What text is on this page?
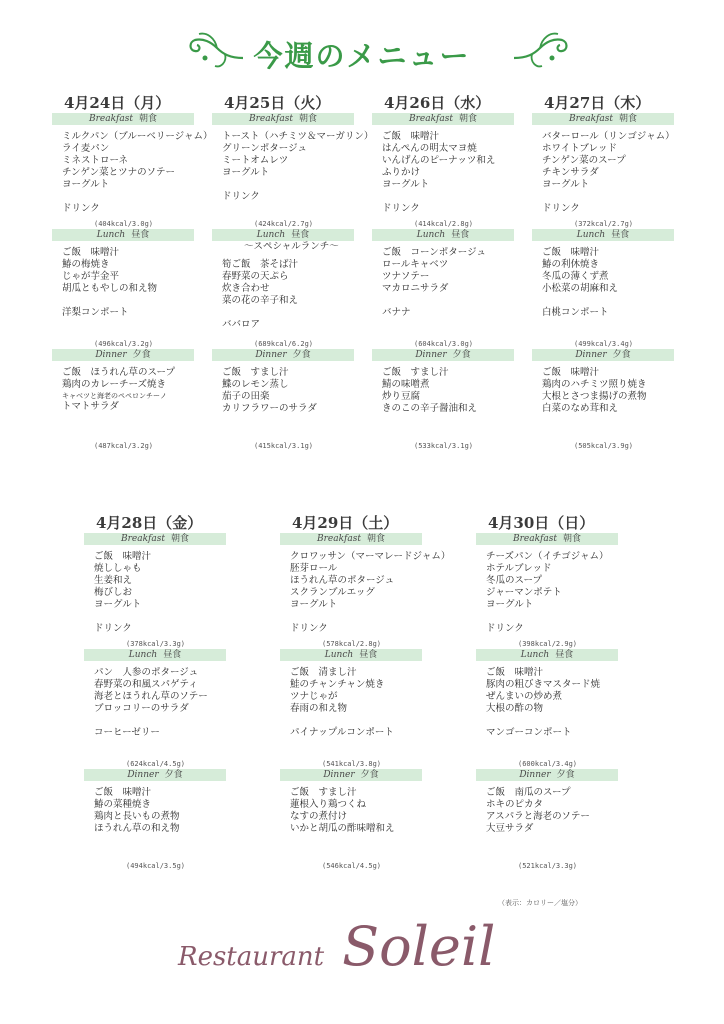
今週のメニュー
4月24日（月）
Breakfast 朝食
ミルクパン（ブルーベリージャム）
ライ麦パン
ミネストローネ
チンゲン菜とツナのソテー
ヨーグルト
ドリンク
(404kcal/3.0g)
Lunch 昼食
ご飯　味噌汁
鰆の梅焼き
じゃが芋金平
胡瓜ともやしの和え物
洋梨コンポート
(496kcal/3.2g)
Dinner 夕食
ご飯　ほうれん草のスープ
鶏肉のカレーチーズ焼き
キャベツと海老のペペロンチーノ
トマトサラダ
(487kcal/3.2g)
4月25日（火）
Breakfast 朝食
トースト（ハチミツ＆マーガリン）
グリーンポタージュ
ミートオムレツ
ヨーグルト
ドリンク
(424kcal/2.7g)
Lunch 昼食
～スペシャルランチ～
筍ご飯　茶そば汁
春野菜の天ぷら
炊き合わせ
菜の花の辛子和え
ババロア
(689kcal/6.2g)
Dinner 夕食
ご飯　すまし汁
鰈のレモン蒸し
茄子の田楽
カリフラワーのサラダ
(415kcal/3.1g)
4月26日（水）
Breakfast 朝食
ご飯　味噌汁
はんぺんの明太マヨ焼
いんげんのピーナッツ和え
ふりかけ
ヨーグルト
ドリンク
(414kcal/2.8g)
Lunch 昼食
ご飯　コーンポタージュ
ロールキャベツ
ツナソテー
マカロニサラダ
バナナ
(604kcal/3.0g)
Dinner 夕食
ご飯　すまし汁
鯖の味噌煮
炒り豆腐
きのこの辛子醤油和え
(533kcal/3.1g)
4月27日（木）
Breakfast 朝食
バターロール（リンゴジャム）
ホワイトブレッド
チンゲン菜のスープ
チキンサラダ
ヨーグルト
ドリンク
(372kcal/2.7g)
Lunch 昼食
ご飯　味噌汁
鰆の利休焼き
冬瓜の薄くず煮
小松菜の胡麻和え
白桃コンポート
(499kcal/3.4g)
Dinner 夕食
ご飯　味噌汁
鶏肉のハチミツ照り焼き
大根とさつま揚げの煮物
白菜のなめ茸和え
(505kcal/3.9g)
4月28日（金）
Breakfast 朝食
ご飯　味噌汁
焼ししゃも
生姜和え
梅びしお
ヨーグルト
ドリンク
(378kcal/3.3g)
Lunch 昼食
パン　人参のポタージュ
春野菜の和風スパゲティ
海老とほうれん草のソテー
ブロッコリーのサラダ
コーヒーゼリー
(624kcal/4.5g)
Dinner 夕食
ご飯　味噌汁
鰆の菜種焼き
鶏肉と長いもの煮物
ほうれん草の和え物
(494kcal/3.5g)
4月29日（土）
Breakfast 朝食
クロワッサン（マーマレードジャム）
胚芽ロール
ほうれん草のポタージュ
スクランブルエッグ
ヨーグルト
ドリンク
(578kcal/2.8g)
Lunch 昼食
ご飯　清まし汁
鮭のチャンチャン焼き
ツナじゃが
春雨の和え物
パイナップルコンポート
(541kcal/3.8g)
Dinner 夕食
ご飯　すまし汁
蓮根入り鶏つくね
なすの煮付け
いかと胡瓜の酢味噌和え
(546kcal/4.5g)
4月30日（日）
Breakfast 朝食
チーズパン（イチゴジャム）
ホテルブレッド
冬瓜のスープ
ジャーマンポテト
ヨーグルト
ドリンク
(398kcal/2.9g)
Lunch 昼食
ご飯　味噌汁
豚肉の粗びきマスタード焼
ぜんまいの炒め煮
大根の酢の物
マンゴーコンポート
(600kcal/3.4g)
Dinner 夕食
ご飯　南瓜のスープ
ホキのピカタ
アスパラと海老のソテー
大豆サラダ
(521kcal/3.3g)
（表示：カロリー／塩分）
Restaurant Soleil
